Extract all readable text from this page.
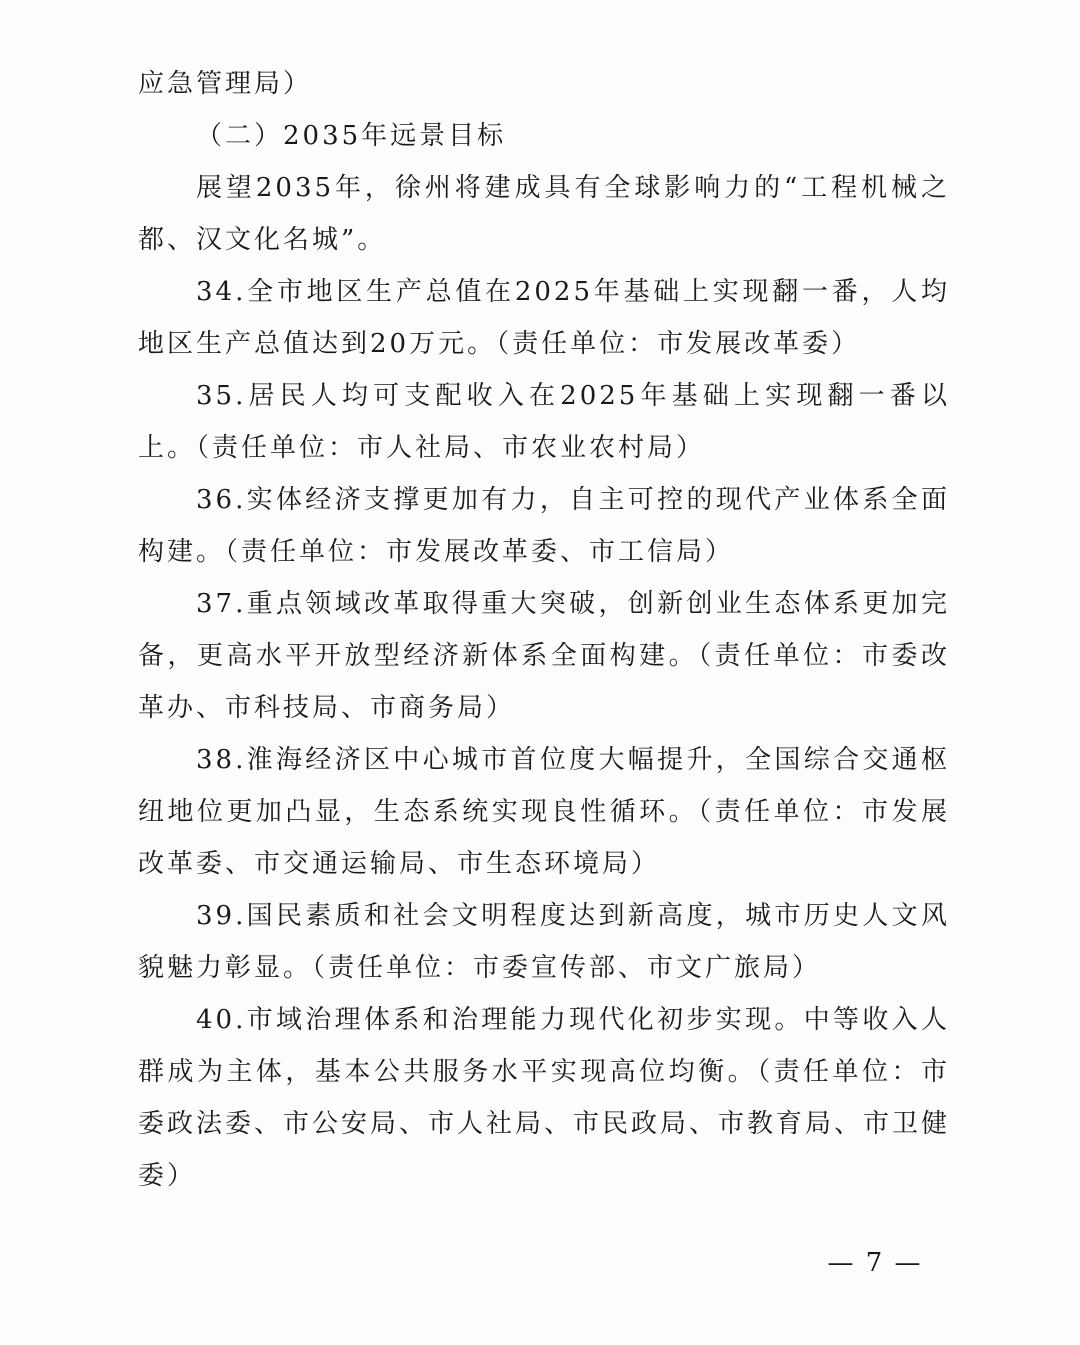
应急管理局）

（二）2035年远景目标

展望2035年，徐州将建成具有全球影响力的“工程机械之都、汉文化名城”。

34.全市地区生产总值在2025年基础上实现翻一番，人均地区生产总值达到20万元。（责任单位：市发展改革委）

35.居民人均可支配收入在2025年基础上实现翻一番以上。（责任单位：市人社局、市农业农村局）

36.实体经济支撑更加有力，自主可控的现代产业体系全面构建。（责任单位：市发展改革委、市工信局）

37.重点领域改革取得重大突破，创新创业生态体系更加完备，更高水平开放型经济新体系全面构建。（责任单位：市委改革办、市科技局、市商务局）

38.淮海经济区中心城市首位度大幅提升，全国综合交通枢纽地位更加凸显，生态系统实现良性循环。（责任单位：市发展改革委、市交通运输局、市生态环境局）

39.国民素质和社会文明程度达到新高度，城市历史人文风貌魅力彰显。（责任单位：市委宣传部、市文广旅局）

40.市域治理体系和治理能力现代化初步实现。中等收入人群成为主体，基本公共服务水平实现高位均衡。（责任单位：市委政法委、市公安局、市人社局、市民政局、市教育局、市卫健委）

— 7 —
